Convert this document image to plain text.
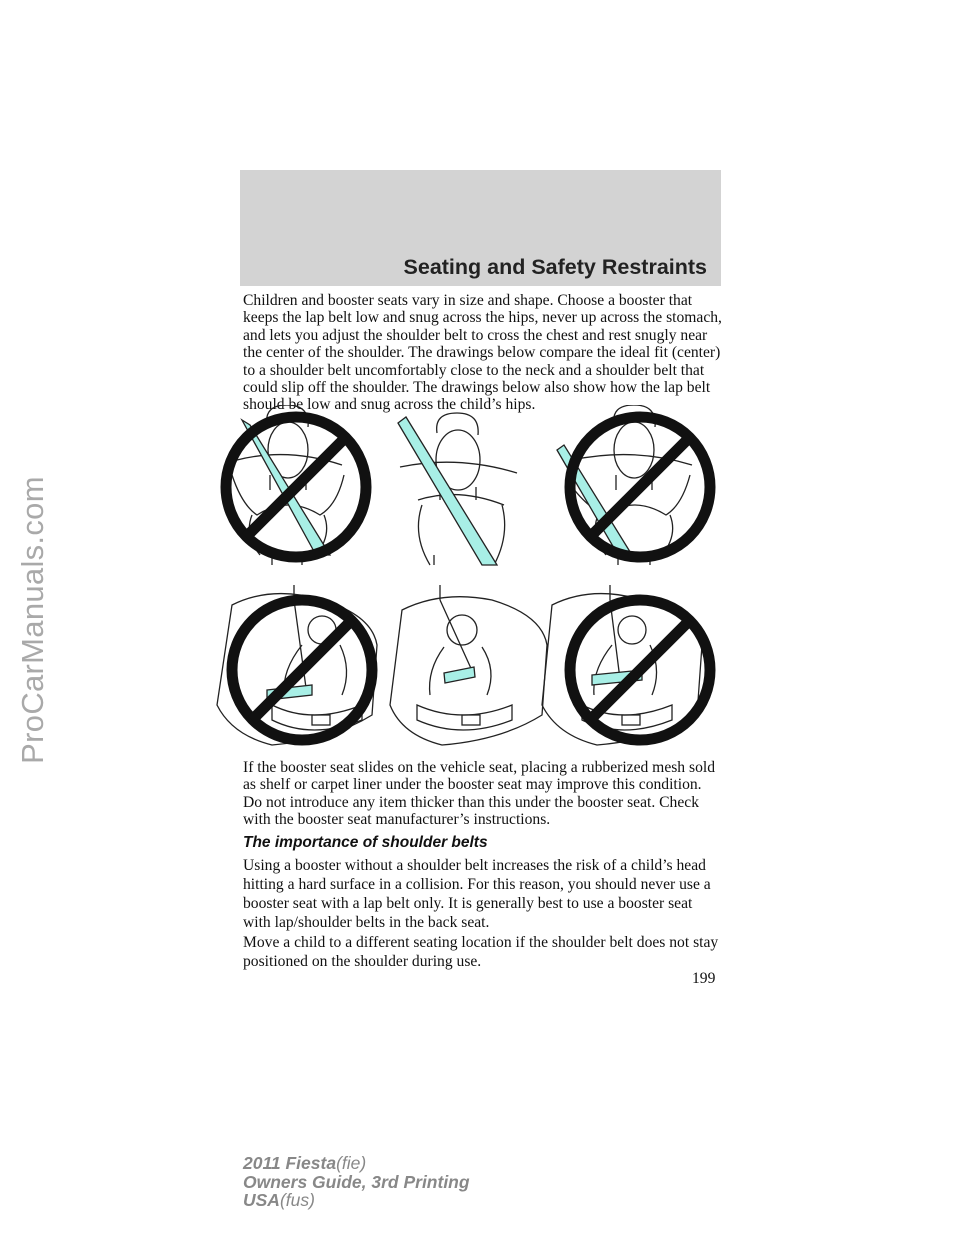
ProCarManuals.com
Seating and Safety Restraints

Children and booster seats vary in size and shape. Choose a booster that keeps the lap belt low and snug across the hips, never up across the stomach, and lets you adjust the shoulder belt to cross the chest and rest snugly near the center of the shoulder. The drawings below compare the ideal fit (center) to a shoulder belt uncomfortably close to the neck and a shoulder belt that could slip off the shoulder. The drawings below also show how the lap belt should be low and snug across the child’s hips.

If the booster seat slides on the vehicle seat, placing a rubberized mesh sold as shelf or carpet liner under the booster seat may improve this condition. Do not introduce any item thicker than this under the booster seat. Check with the booster seat manufacturer’s instructions.

The importance of shoulder belts

Using a booster without a shoulder belt increases the risk of a child’s head hitting a hard surface in a collision. For this reason, you should never use a booster seat with a lap belt only. It is generally best to use a booster seat with lap/shoulder belts in the back seat.

Move a child to a different seating location if the shoulder belt does not stay positioned on the shoulder during use.

199
2011 Fiesta(fie)
Owners Guide, 3rd Printing
USA(fus)
